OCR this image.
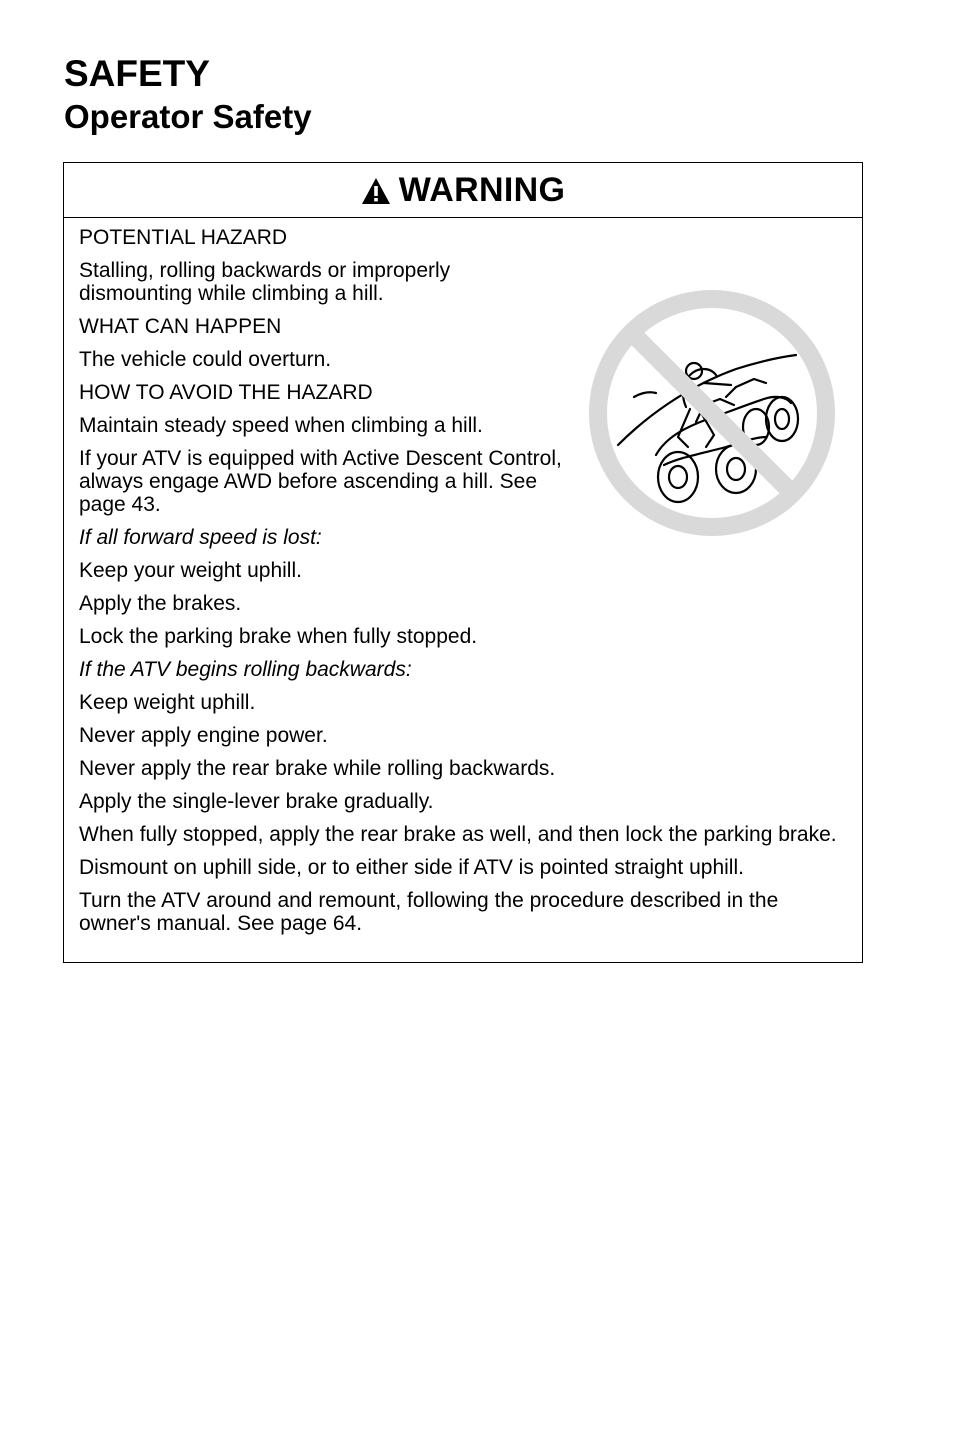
SAFETY
Operator Safety
WARNING

POTENTIAL HAZARD

Stalling, rolling backwards or improperly dismounting while climbing a hill.

WHAT CAN HAPPEN

The vehicle could overturn.

HOW TO AVOID THE HAZARD

Maintain steady speed when climbing a hill.

If your ATV is equipped with Active Descent Control, always engage AWD before ascending a hill. See page 43.

If all forward speed is lost:

Keep your weight uphill.

Apply the brakes.

Lock the parking brake when fully stopped.

If the ATV begins rolling backwards:

Keep weight uphill.

Never apply engine power.

Never apply the rear brake while rolling backwards.

Apply the single-lever brake gradually.

When fully stopped, apply the rear brake as well, and then lock the parking brake.

Dismount on uphill side, or to either side if ATV is pointed straight uphill.

Turn the ATV around and remount, following the procedure described in the owner's manual. See page 64.
